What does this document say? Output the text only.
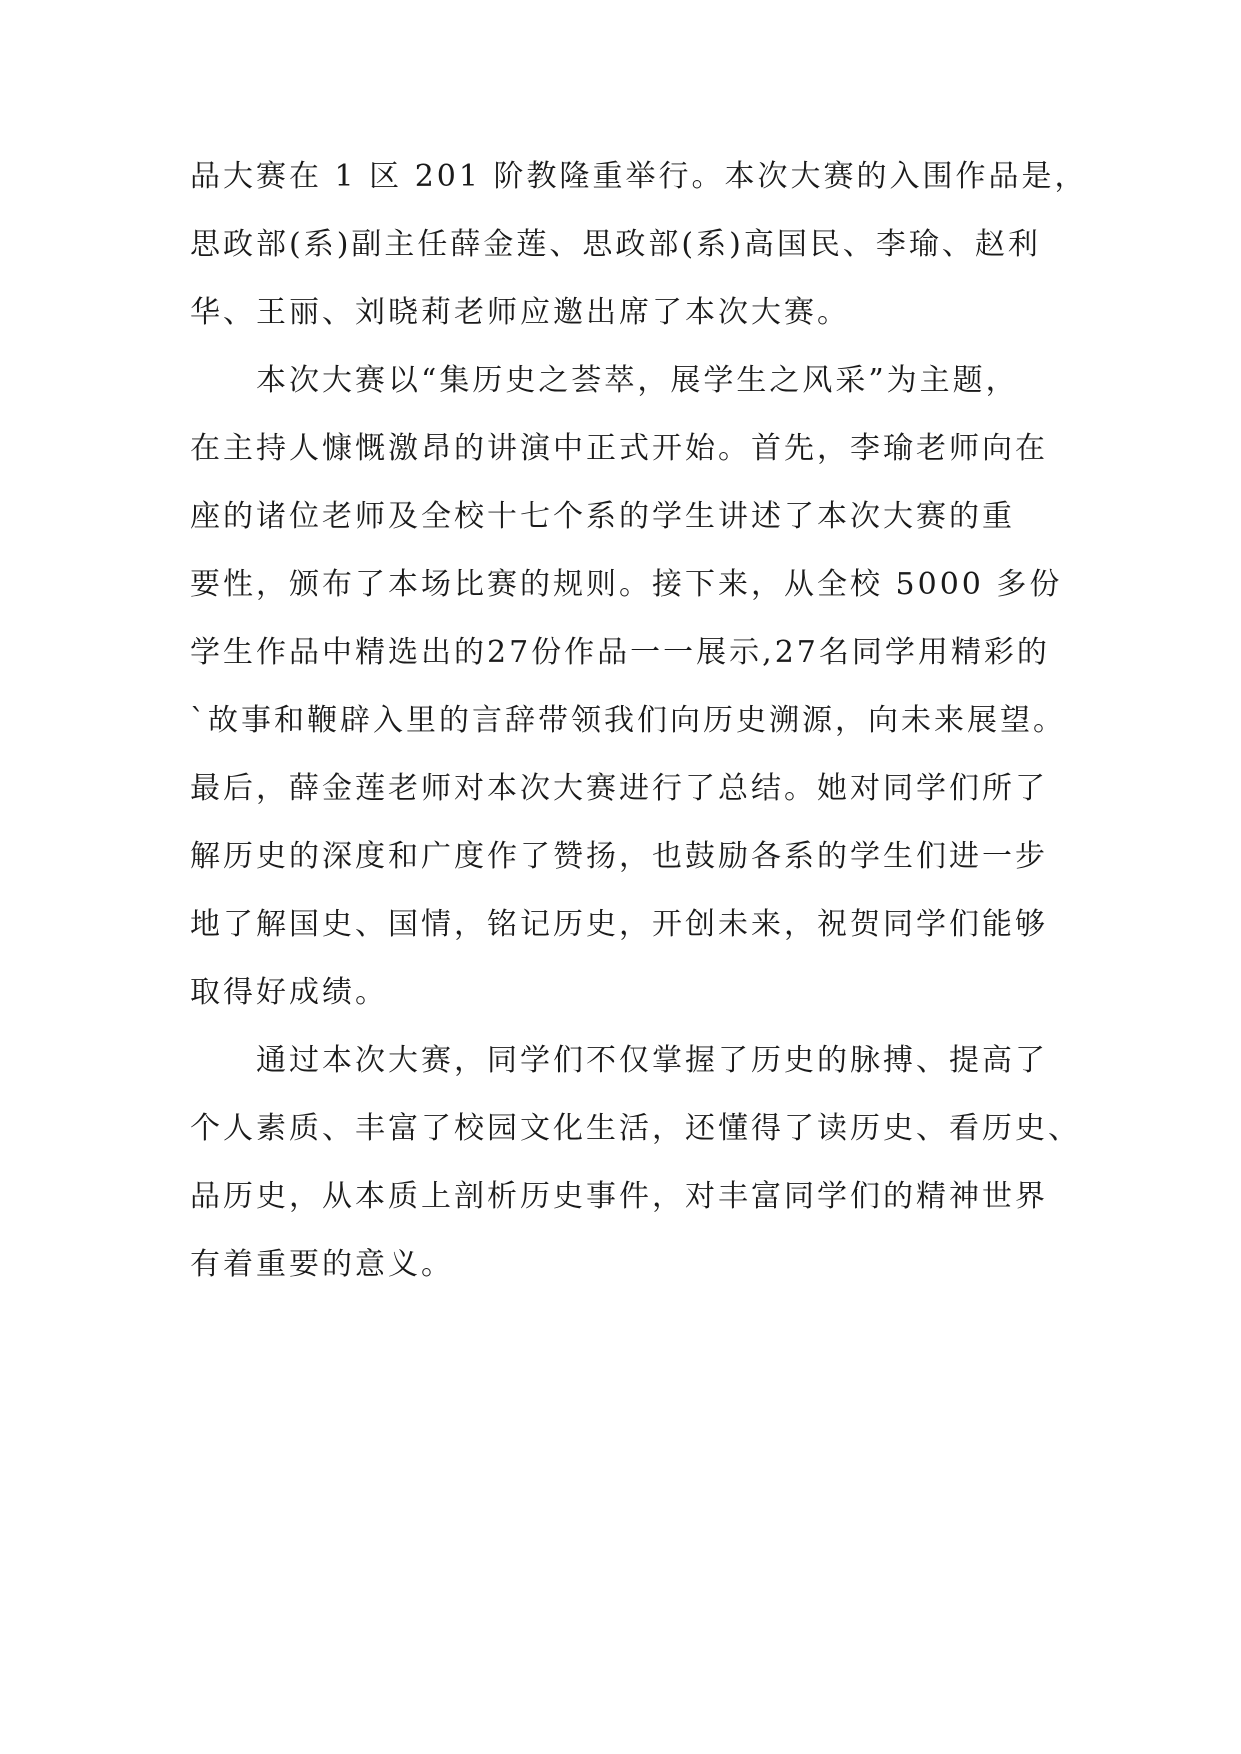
品大赛在 1 区 201 阶教隆重举行。本次大赛的入围作品是，
思政部(系)副主任薛金莲、思政部(系)高国民、李瑜、赵利
华、王丽、刘晓莉老师应邀出席了本次大赛。
本次大赛以“集历史之荟萃，展学生之风采”为主题，
在主持人慷慨激昂的讲演中正式开始。首先，李瑜老师向在
座的诸位老师及全校十七个系的学生讲述了本次大赛的重
要性，颁布了本场比赛的规则。接下来，从全校 5000 多份
学生作品中精选出的27份作品一一展示,27名同学用精彩的
`故事和鞭辟入里的言辞带领我们向历史溯源，向未来展望。
最后，薛金莲老师对本次大赛进行了总结。她对同学们所了
解历史的深度和广度作了赞扬，也鼓励各系的学生们进一步
地了解国史、国情，铭记历史，开创未来，祝贺同学们能够
取得好成绩。
通过本次大赛，同学们不仅掌握了历史的脉搏、提高了
个人素质、丰富了校园文化生活，还懂得了读历史、看历史、
品历史，从本质上剖析历史事件，对丰富同学们的精神世界
有着重要的意义。
